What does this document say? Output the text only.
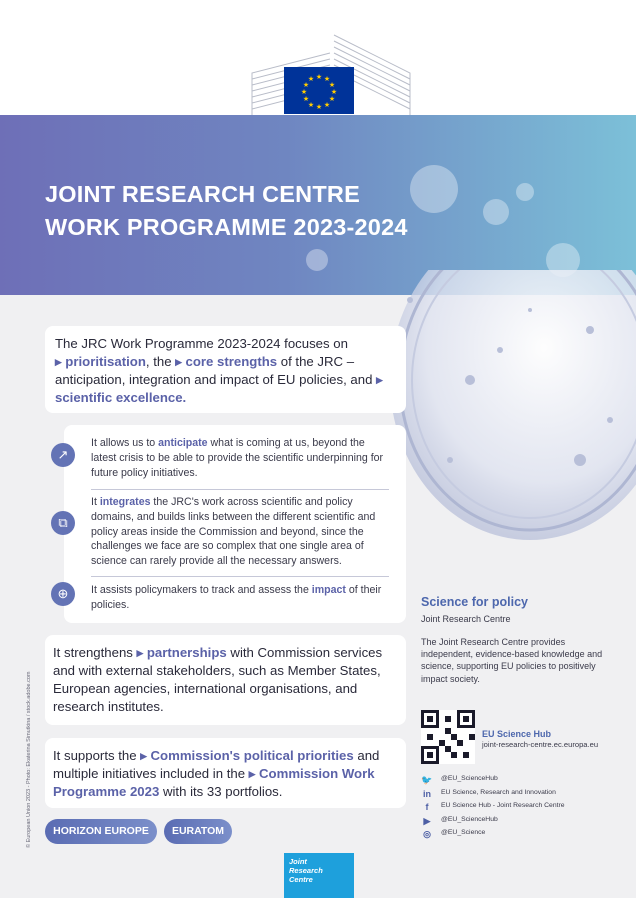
★ ★
★
★
★
★
★
★
★
★
★
★
JOINT RESEARCH CENTRE
WORK PROGRAMME 2023-2024

The JRC Work Programme 2023-2024 focuses on
▸ prioritisation, the ▸ core strengths of the JRC – anticipation, integration and impact of EU policies, and ▸ scientific excellence.

It allows us to anticipate what is coming at us, beyond the latest crisis to be able to provide the scientific underpinning for future policy initiatives.
It integrates the JRC's work across scientific and policy domains, and builds links between the different scientific and policy areas inside the Commission and beyond, since the challenges we face are so complex that one single area of science can rarely provide all the necessary answers.
It assists policymakers to track and assess the impact of their policies.
↗
⧉
⊕

It strengthens ▸ partnerships with Commission services and with external stakeholders, such as Member States, European agencies, international organisations, and research institutes.

It supports the ▸ Commission's political priorities and multiple initiatives included in the ▸ Commission Work Programme 2023 with its 33 portfolios.

HORIZON EUROPE	EURATOM
© European Union 2023 - Photo: Ekaterina Simutkina / stock.adobe.com
Science for policy
Joint Research Centre
The Joint Research Centre provides independent, evidence-based knowledge and science, supporting EU policies to positively impact society.
EU Science Hub
joint-research-centre.ec.europa.eu
🐦 @EU_ScienceHub
in EU Science, Research and Innovation
f	EU Science Hub - Joint Research Centre
▶	@EU_ScienceHub
◎	@EU_Science
Joint
Research
Centre
